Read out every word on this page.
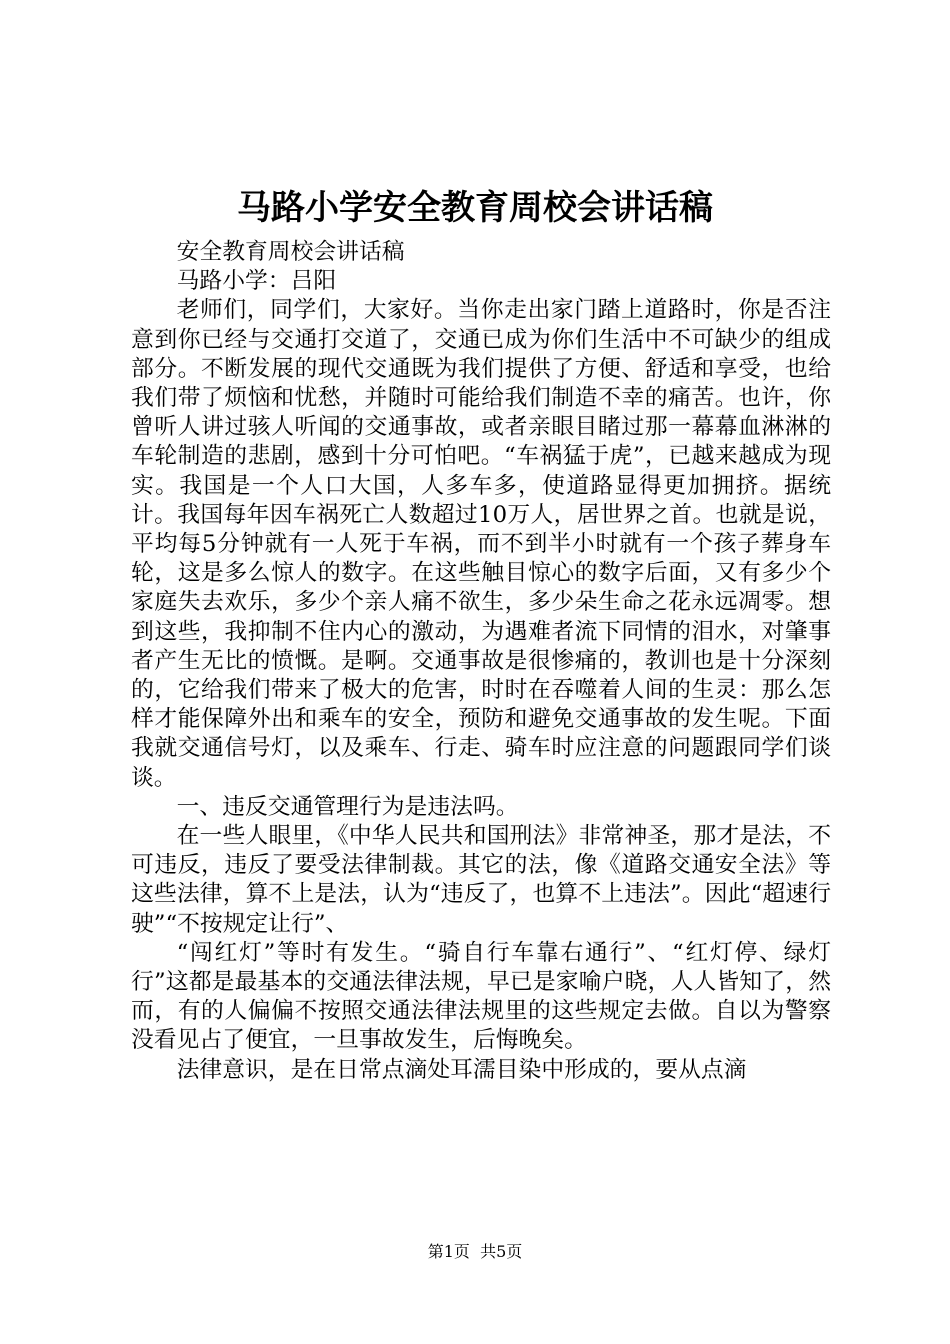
马路小学安全教育周校会讲话稿

安全教育周校会讲话稿

马路小学：吕阳

老师们，同学们，大家好。当你走出家门踏上道路时，你是否注意到你已经与交通打交道了，交通已成为你们生活中不可缺少的组成部分。不断发展的现代交通既为我们提供了方便、舒适和享受，也给我们带了烦恼和忧愁，并随时可能给我们制造不幸的痛苦。也许，你曾听人讲过骇人听闻的交通事故，或者亲眼目睹过那一幕幕血淋淋的车轮制造的悲剧，感到十分可怕吧。“车祸猛于虎”，已越来越成为现实。我国是一个人口大国，人多车多，使道路显得更加拥挤。据统计。我国每年因车祸死亡人数超过10万人，居世界之首。也就是说，平均每5分钟就有一人死于车祸，而不到半小时就有一个孩子葬身车轮，这是多么惊人的数字。在这些触目惊心的数字后面，又有多少个家庭失去欢乐，多少个亲人痛不欲生，多少朵生命之花永远凋零。想到这些，我抑制不住内心的激动，为遇难者流下同情的泪水，对肇事者产生无比的愤慨。是啊。交通事故是很惨痛的，教训也是十分深刻的，它给我们带来了极大的危害，时时在吞噬着人间的生灵：那么怎样才能保障外出和乘车的安全，预防和避免交通事故的发生呢。下面我就交通信号灯，以及乘车、行走、骑车时应注意的问题跟同学们谈谈。

一、违反交通管理行为是违法吗。

在一些人眼里，《中华人民共和国刑法》非常神圣，那才是法，不可违反，违反了要受法律制裁。其它的法，像《道路交通安全法》等这些法律，算不上是法，认为“违反了，也算不上违法”。因此“超速行驶”“不按规定让行”、

“闯红灯”等时有发生。“骑自行车靠右通行”、“红灯停、绿灯行”这都是最基本的交通法律法规，早已是家喻户晓，人人皆知了，然而，有的人偏偏不按照交通法律法规里的这些规定去做。自以为警察没看见占了便宜，一旦事故发生，后悔晚矣。

法律意识，是在日常点滴处耳濡目染中形成的，要从点滴

第1页 共5页
